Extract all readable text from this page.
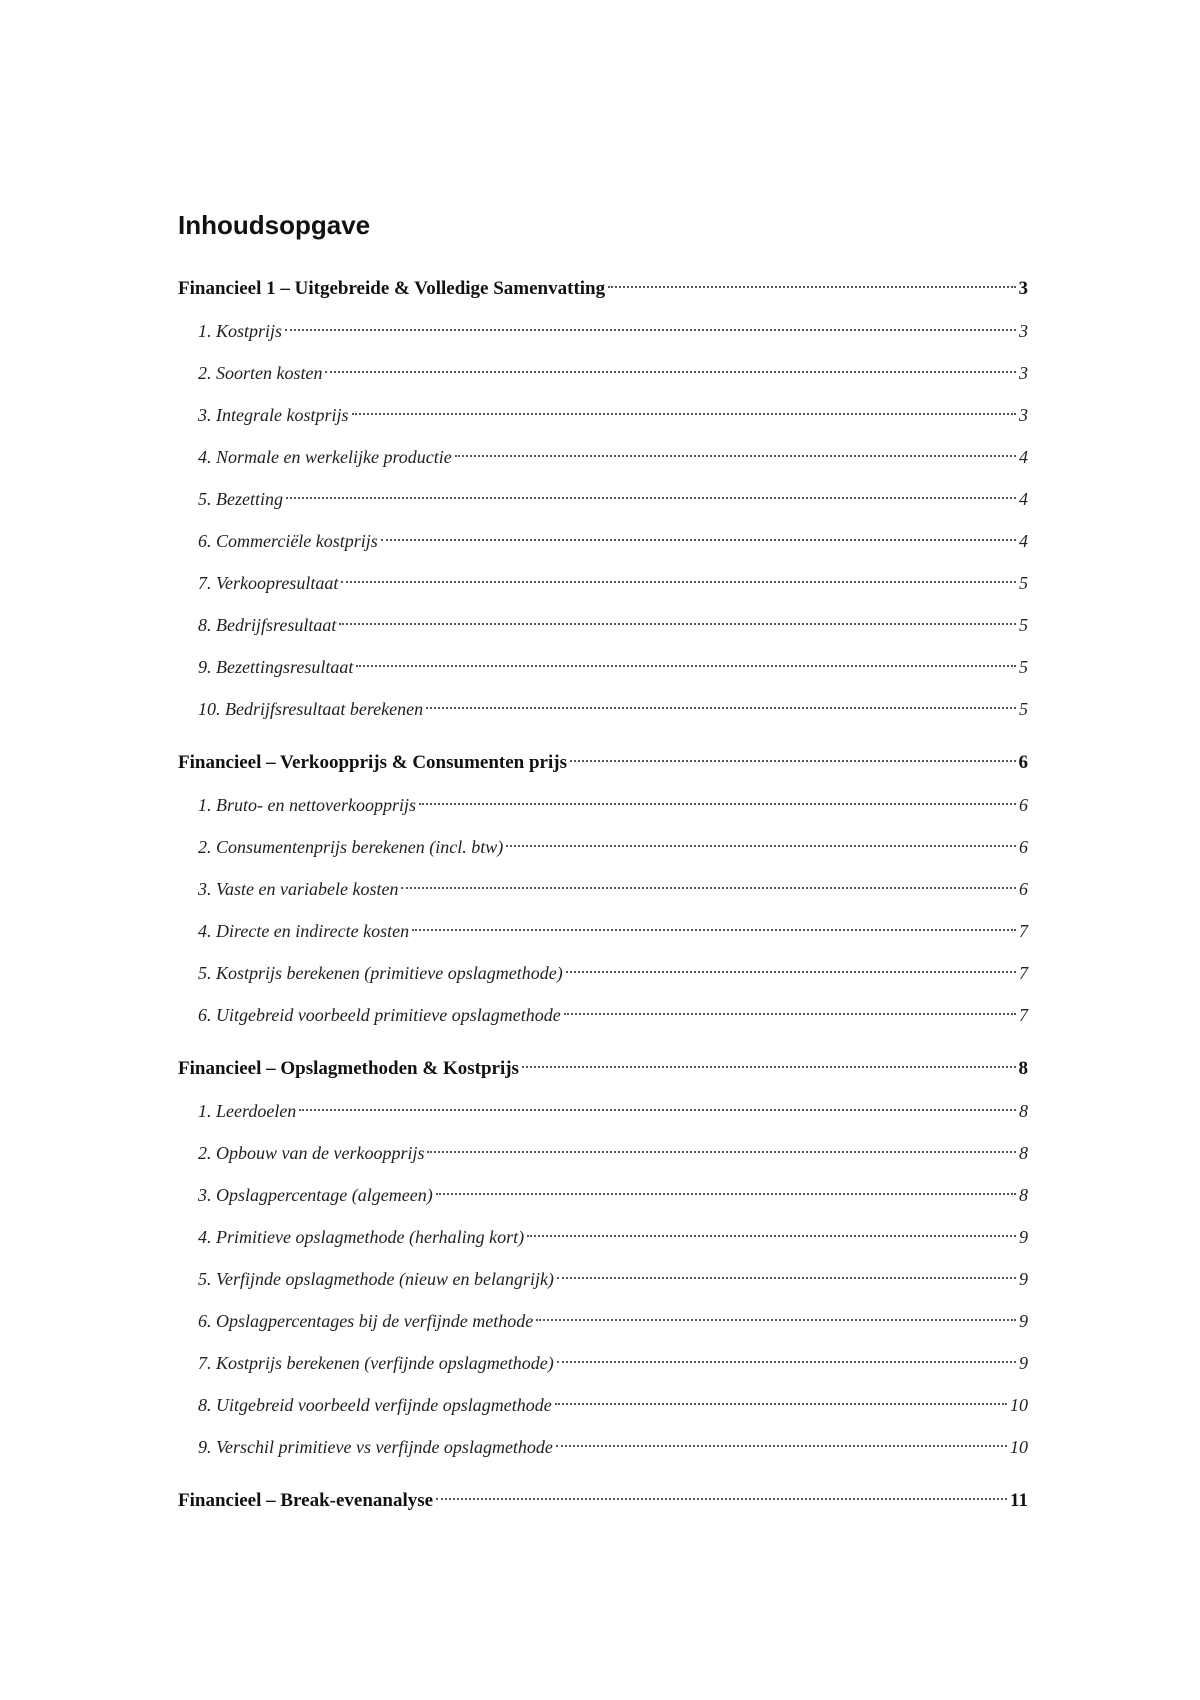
Inhoudsopgave
Financieel 1 – Uitgebreide & Volledige Samenvatting	3
1. Kostprijs	3
2. Soorten kosten	3
3. Integrale kostprijs	3
4. Normale en werkelijke productie	4
5. Bezetting	4
6. Commerciële kostprijs	4
7. Verkoopresultaat	5
8. Bedrijfsresultaat	5
9. Bezettingsresultaat	5
10. Bedrijfsresultaat berekenen	5
Financieel – Verkoopprijs & Consumenten prijs	6
1. Bruto- en nettoverkoopprijs	6
2. Consumentenprijs berekenen (incl. btw)	6
3. Vaste en variabele kosten	6
4. Directe en indirecte kosten	7
5. Kostprijs berekenen (primitieve opslagmethode)	7
6. Uitgebreid voorbeeld primitieve opslagmethode	7
Financieel – Opslagmethoden & Kostprijs	8
1. Leerdoelen	8
2. Opbouw van de verkoopprijs	8
3. Opslagpercentage (algemeen)	8
4. Primitieve opslagmethode (herhaling kort)	9
5. Verfijnde opslagmethode (nieuw en belangrijk)	9
6. Opslagpercentages bij de verfijnde methode	9
7. Kostprijs berekenen (verfijnde opslagmethode)	9
8. Uitgebreid voorbeeld verfijnde opslagmethode	10
9. Verschil primitieve vs verfijnde opslagmethode	10
Financieel – Break-evenanalyse	11
